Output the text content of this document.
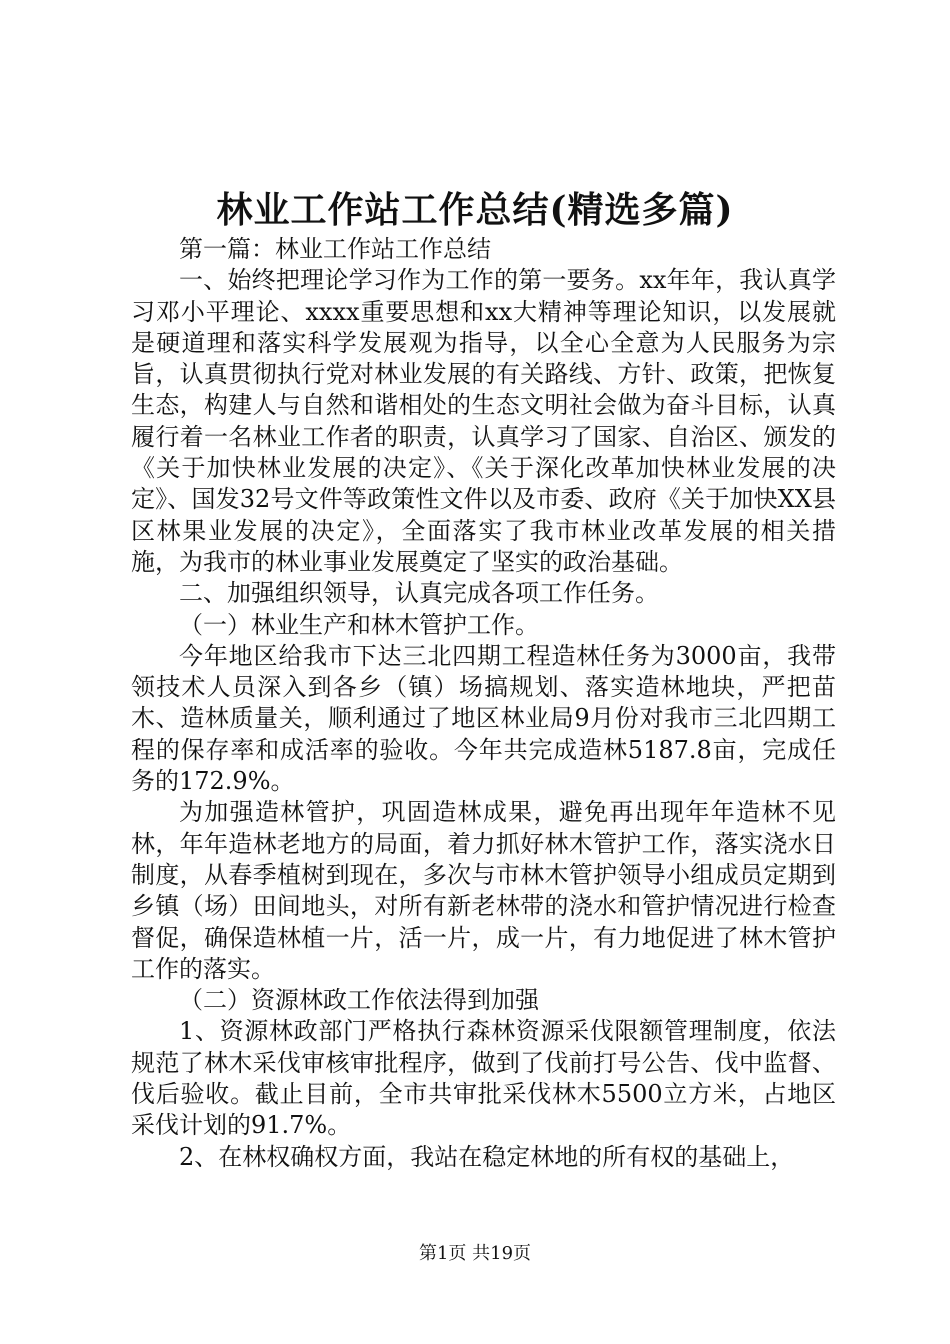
林业工作站工作总结(精选多篇)

第一篇：林业工作站工作总结

一、始终把理论学习作为工作的第一要务。xx年年，我认真学习邓小平理论、xxxx重要思想和xx大精神等理论知识，以发展就是硬道理和落实科学发展观为指导，以全心全意为人民服务为宗旨，认真贯彻执行党对林业发展的有关路线、方针、政策，把恢复生态，构建人与自然和谐相处的生态文明社会做为奋斗目标，认真履行着一名林业工作者的职责，认真学习了国家、自治区、颁发的《关于加快林业发展的决定》、《关于深化改革加快林业发展的决定》、国发32号文件等政策性文件以及市委、政府《关于加快XX县区林果业发展的决定》，全面落实了我市林业改革发展的相关措施，为我市的林业事业发展奠定了坚实的政治基础。

二、加强组织领导，认真完成各项工作任务。

（一）林业生产和林木管护工作。

今年地区给我市下达三北四期工程造林任务为3000亩，我带领技术人员深入到各乡（镇）场搞规划、落实造林地块，严把苗木、造林质量关，顺利通过了地区林业局9月份对我市三北四期工程的保存率和成活率的验收。今年共完成造林5187.8亩，完成任务的172.9%。

为加强造林管护，巩固造林成果，避免再出现年年造林不见林，年年造林老地方的局面，着力抓好林木管护工作，落实浇水日制度，从春季植树到现在，多次与市林木管护领导小组成员定期到乡镇（场）田间地头，对所有新老林带的浇水和管护情况进行检查督促，确保造林植一片，活一片，成一片，有力地促进了林木管护工作的落实。

（二）资源林政工作依法得到加强

1、资源林政部门严格执行森林资源采伐限额管理制度，依法规范了林木采伐审核审批程序，做到了伐前打号公告、伐中监督、伐后验收。截止目前，全市共审批采伐林木5500立方米，占地区采伐计划的91.7%。

2、在林权确权方面，我站在稳定林地的所有权的基础上，

第1页 共19页
